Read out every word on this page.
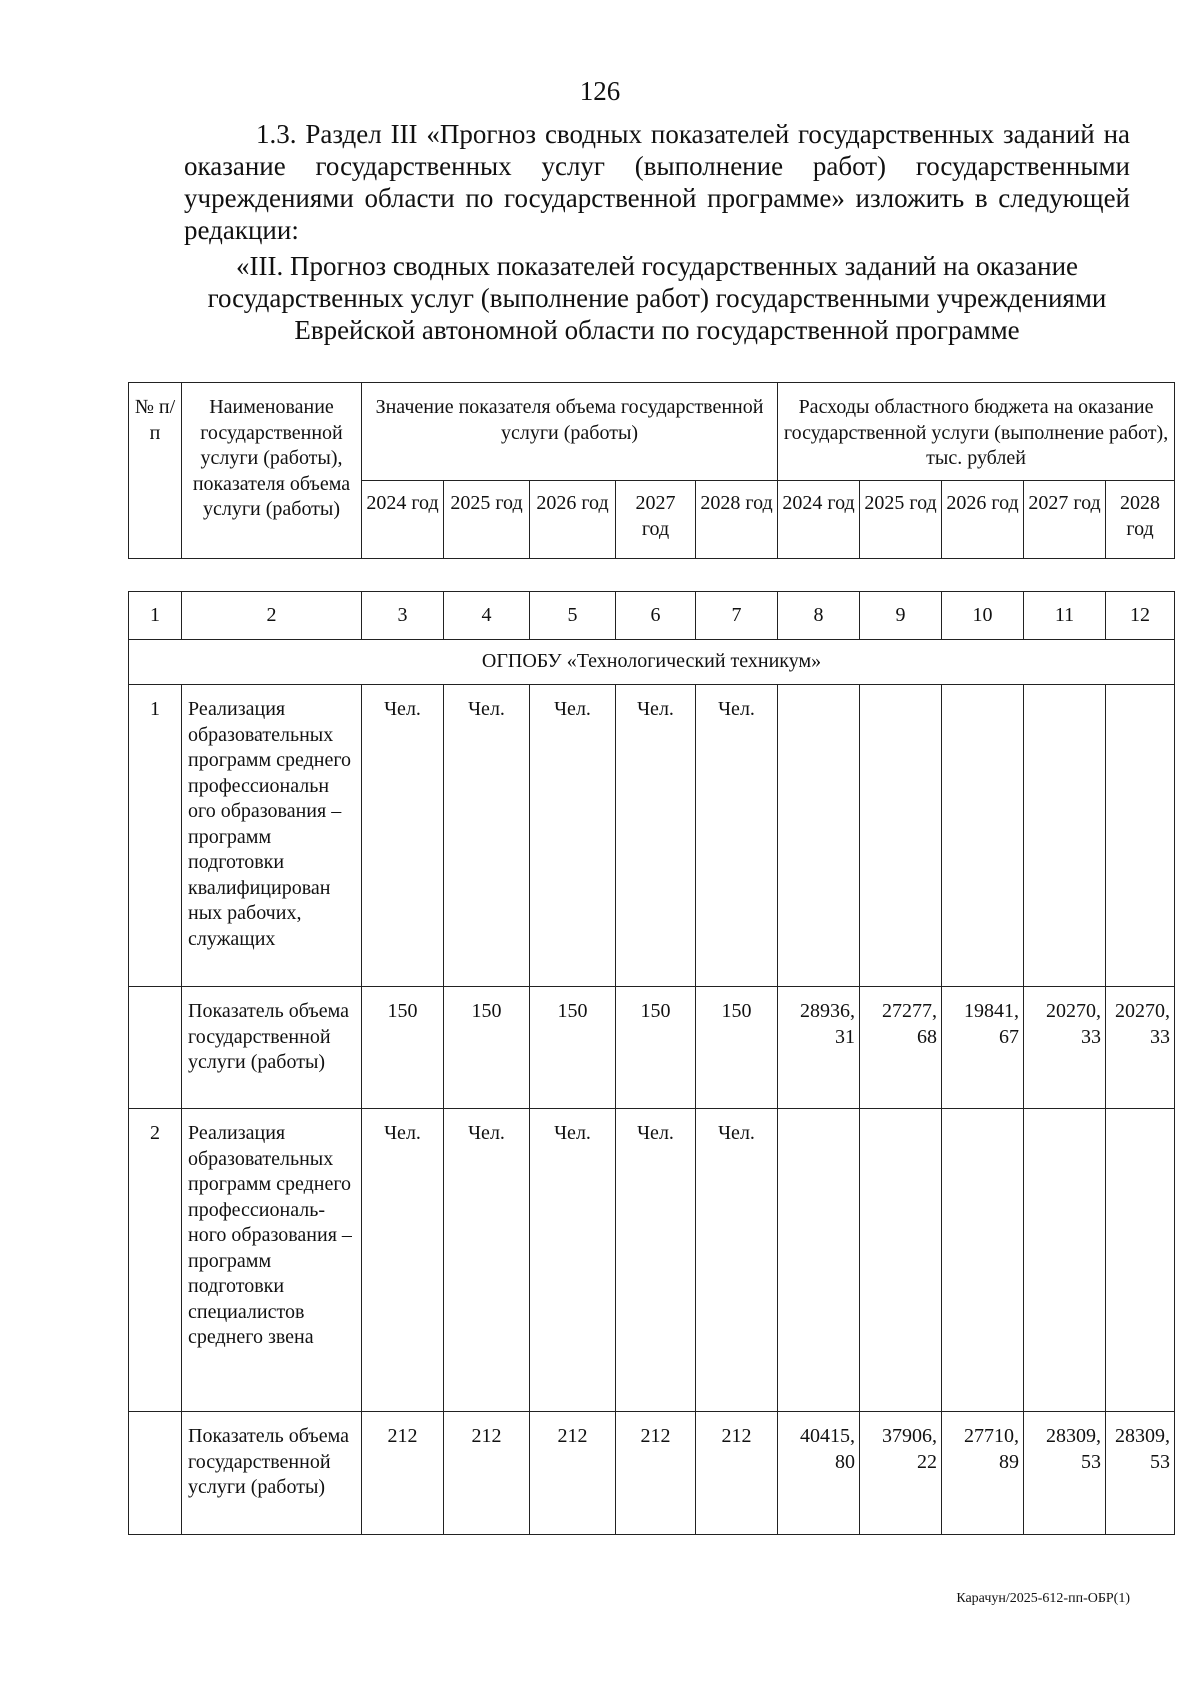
126

1.3. Раздел III «Прогноз сводных показателей государственных заданий на оказание государственных услуг (выполнение работ) государственными учреждениями области по государственной программе» изложить в следующей редакции:

«III. Прогноз сводных показателей государственных заданий на оказание государственных услуг (выполнение работ) государственными учреждениями Еврейской автономной области по государственной программе
№ п/п	Наименование государственной услуги (работы), показателя объема услуги (работы)	Значение показателя объема государственной услуги (работы)					Расходы областного бюджета на оказание государственной услуги (выполнение работ), тыс. рублей				
		2024 год	2025 год	2026 год	2027 год	2028 год	2024 год	2025 год	2026 год	2027 год	2028 год
1	2	3	4	5	6	7	8	9	10	11	12
ОГПОБУ «Технологический техникум»											
1	Реализация образовательных программ среднего профессиональн ого образования – программ подготовки квалифицирован ных рабочих, служащих	Чел.	Чел.	Чел.	Чел.	Чел.					
	Показатель объема государственной услуги (работы)	150	150	150	150	150	28936, 31	27277, 68	19841, 67	20270, 33	20270, 33
2	Реализация образовательных программ среднего профессиональ- ного образования – программ подготовки специалистов среднего звена	Чел.	Чел.	Чел.	Чел.	Чел.					
	Показатель объема государственной услуги (работы)	212	212	212	212	212	40415, 80	37906, 22	27710, 89	28309, 53	28309, 53
Карачун/2025-612-пп-ОБР(1)
